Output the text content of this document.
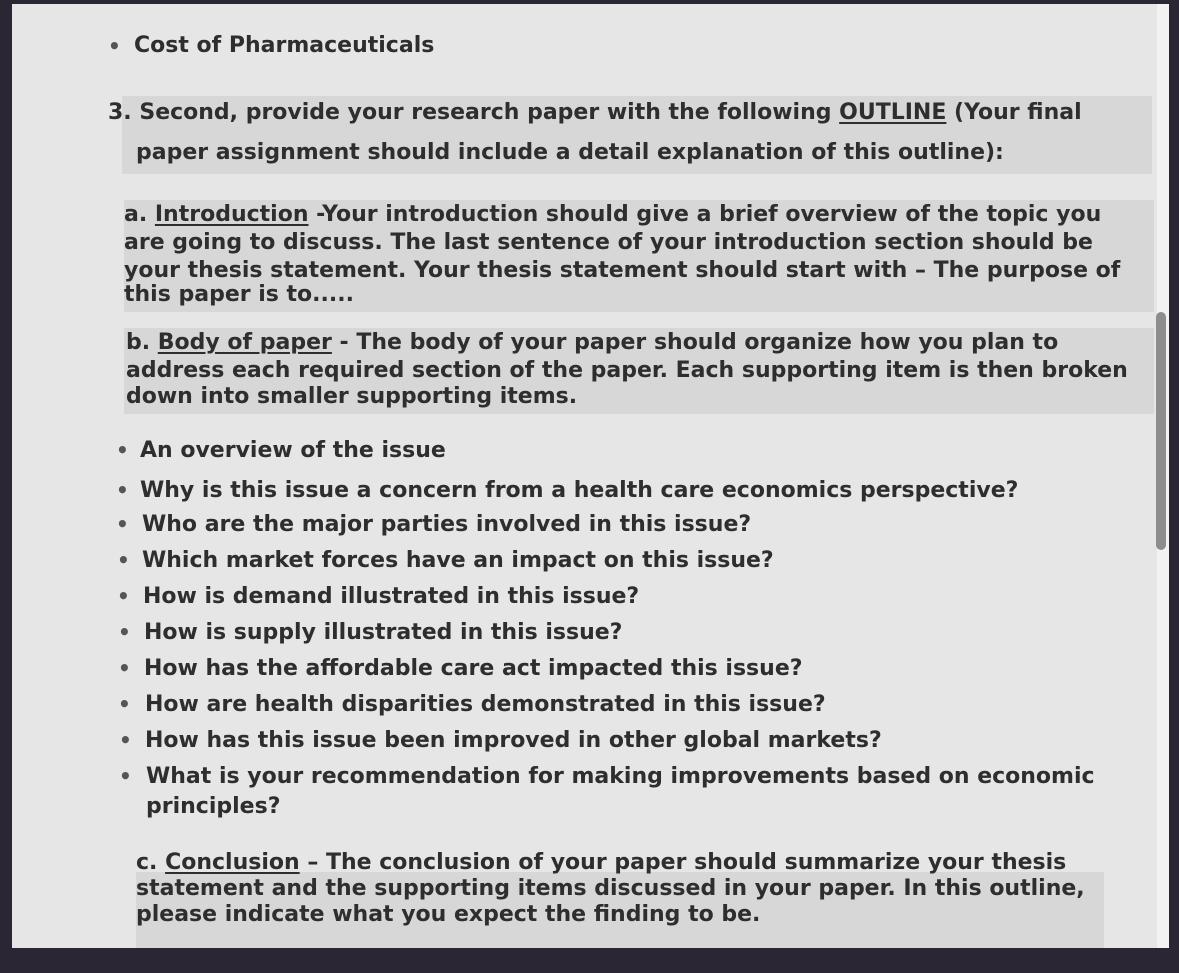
• Cost of Pharmaceuticals
3. Second, provide your research paper with the following OUTLINE (Your final
paper assignment should include a detail explanation of this outline):
a. Introduction -Your introduction should give a brief overview of the topic you
are going to discuss. The last sentence of your introduction section should be
your thesis statement. Your thesis statement should start with – The purpose of
this paper is to.....
b. Body of paper - The body of your paper should organize how you plan to
address each required section of the paper. Each supporting item is then broken
down into smaller supporting items.
• An overview of the issue
• Why is this issue a concern from a health care economics perspective?
• Who are the major parties involved in this issue?
• Which market forces have an impact on this issue?
• How is demand illustrated in this issue?
• How is supply illustrated in this issue?
• How has the affordable care act impacted this issue?
• How are health disparities demonstrated in this issue?
• How has this issue been improved in other global markets?
• What is your recommendation for making improvements based on economic
principles?
c. Conclusion – The conclusion of your paper should summarize your thesis
statement and the supporting items discussed in your paper. In this outline,
please indicate what you expect the finding to be.
